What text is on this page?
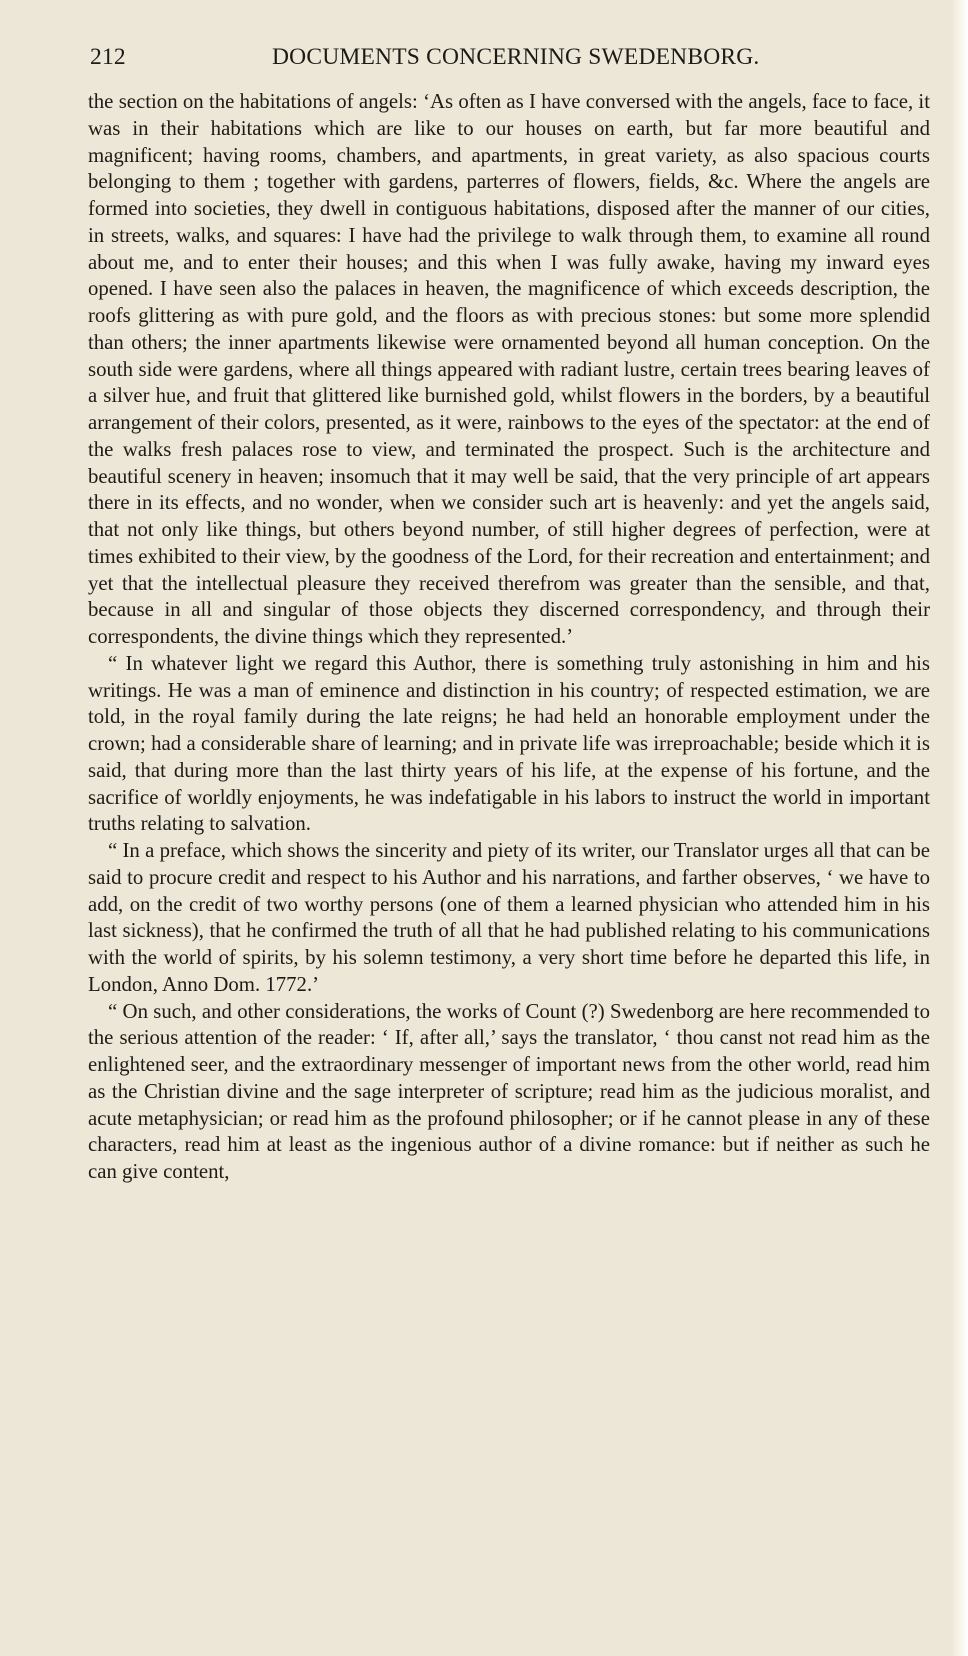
212	DOCUMENTS CONCERNING SWEDENBORG.

the section on the habitations of angels: ‘As often as I have conversed with the angels, face to face, it was in their habitations which are like to our houses on earth, but far more beautiful and magnificent; having rooms, chambers, and apartments, in great variety, as also spacious courts belonging to them ; together with gardens, parterres of flowers, fields, &c. Where the angels are formed into societies, they dwell in contiguous habitations, disposed after the manner of our cities, in streets, walks, and squares: I have had the privilege to walk through them, to examine all round about me, and to enter their houses; and this when I was fully awake, having my inward eyes opened. I have seen also the palaces in heaven, the magnificence of which exceeds description, the roofs glittering as with pure gold, and the floors as with precious stones: but some more splendid than others; the inner apartments likewise were ornamented beyond all human conception. On the south side were gardens, where all things appeared with radiant lustre, certain trees bearing leaves of a silver hue, and fruit that glittered like burnished gold, whilst flowers in the borders, by a beautiful arrangement of their colors, presented, as it were, rainbows to the eyes of the spectator: at the end of the walks fresh palaces rose to view, and terminated the prospect. Such is the architecture and beautiful scenery in heaven; insomuch that it may well be said, that the very principle of art appears there in its effects, and no wonder, when we consider such art is heavenly: and yet the angels said, that not only like things, but others beyond number, of still higher degrees of perfection, were at times exhibited to their view, by the goodness of the Lord, for their recreation and entertainment; and yet that the intellectual pleasure they received therefrom was greater than the sensible, and that, because in all and singular of those objects they discerned correspondency, and through their correspondents, the divine things which they represented.’

“ In whatever light we regard this Author, there is something truly astonishing in him and his writings. He was a man of eminence and distinction in his country; of respected estimation, we are told, in the royal family during the late reigns; he had held an honorable employment under the crown; had a considerable share of learning; and in private life was irreproachable; beside which it is said, that during more than the last thirty years of his life, at the expense of his fortune, and the sacrifice of worldly enjoyments, he was indefatigable in his labors to instruct the world in important truths relating to salvation.

“ In a preface, which shows the sincerity and piety of its writer, our Translator urges all that can be said to procure credit and respect to his Author and his narrations, and farther observes, ‘ we have to add, on the credit of two worthy persons (one of them a learned physician who attended him in his last sickness), that he confirmed the truth of all that he had published relating to his communications with the world of spirits, by his solemn testimony, a very short time before he departed this life, in London, Anno Dom. 1772.’

“ On such, and other considerations, the works of Count (?) Swedenborg are here recommended to the serious attention of the reader: ‘ If, after all,’ says the translator, ‘ thou canst not read him as the enlightened seer, and the extraordinary messenger of important news from the other world, read him as the Christian divine and the sage interpreter of scripture; read him as the judicious moralist, and acute metaphysician; or read him as the profound philosopher; or if he cannot please in any of these characters, read him at least as the ingenious author of a divine romance: but if neither as such he can give content,
